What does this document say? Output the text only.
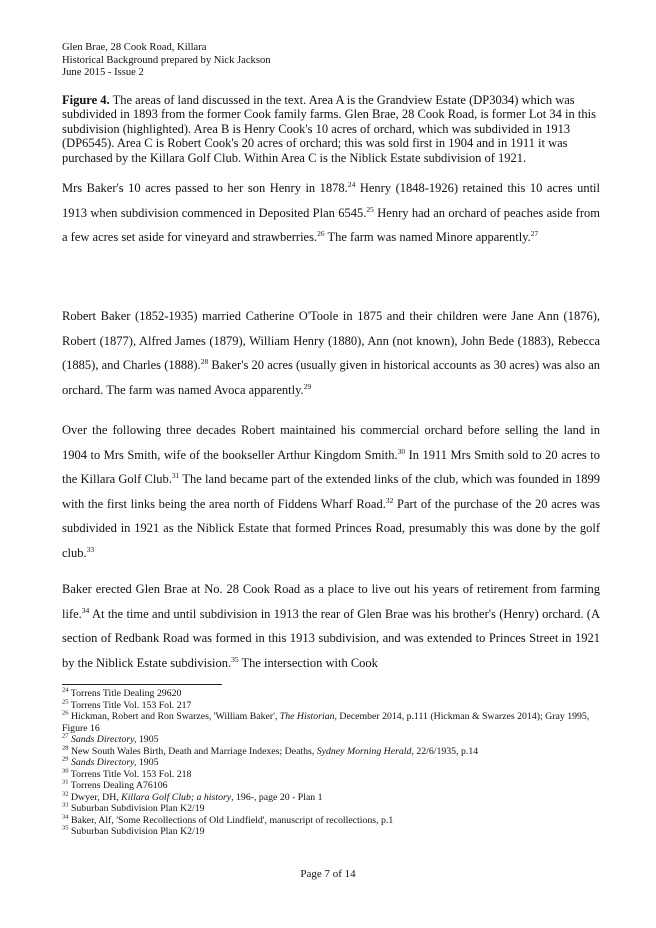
Glen Brae, 28 Cook Road, Killara
Historical Background prepared by Nick Jackson
June 2015 - Issue 2
Figure 4. The areas of land discussed in the text. Area A is the Grandview Estate (DP3034) which was subdivided in 1893 from the former Cook family farms. Glen Brae, 28 Cook Road, is former Lot 34 in this subdivision (highlighted). Area B is Henry Cook's 10 acres of orchard, which was subdivided in 1913 (DP6545). Area C is Robert Cook's 20 acres of orchard; this was sold first in 1904 and in 1911 it was purchased by the Killara Golf Club. Within Area C is the Niblick Estate subdivision of 1921.
Mrs Baker's 10 acres passed to her son Henry in 1878.24 Henry (1848-1926) retained this 10 acres until 1913 when subdivision commenced in Deposited Plan 6545.25 Henry had an orchard of peaches aside from a few acres set aside for vineyard and strawberries.$^{26}$ The farm was named Minore apparently.$^{27}$
Robert Baker (1852-1935) married Catherine O'Toole in 1875 and their children were Jane Ann (1876), Robert (1877), Alfred James (1879), William Henry (1880), Ann (not known), John Bede (1883), Rebecca (1885), and Charles (1888).$^{28}$ Baker's 20 acres (usually given in historical accounts as 30 acres) was also an orchard. The farm was named Avoca apparently.$^{29}$
Over the following three decades Robert maintained his commercial orchard before selling the land in 1904 to Mrs Smith, wife of the bookseller Arthur Kingdom Smith.$^{30}$ In 1911 Mrs Smith sold to 20 acres to the Killara Golf Club.$^{31}$ The land became part of the extended links of the club, which was founded in 1899 with the first links being the area north of Fiddens Wharf Road.$^{32}$ Part of the purchase of the 20 acres was subdivided in 1921 as the Niblick Estate that formed Princes Road, presumably this was done by the golf club.$^{33}$
Baker erected Glen Brae at No. 28 Cook Road as a place to live out his years of retirement from farming life.$^{34}$ At the time and until subdivision in 1913 the rear of Glen Brae was his brother's (Henry) orchard. (A section of Redbank Road was formed in this 1913 subdivision, and was extended to Princes Street in 1921 by the Niblick Estate subdivision.$^{35}$ The intersection with Cook
$^{24}$ Torrens Title Dealing 29620
$^{25}$ Torrens Title Vol. 153 Fol. 217
$^{26}$ Hickman, Robert and Ron Swarzes, 'William Baker', The Historian, December 2014, p.111 (Hickman & Swarzes 2014); Gray 1995, Figure 16
$^{27}$ Sands Directory, 1905
$^{28}$ New South Wales Birth, Death and Marriage Indexes; Deaths, Sydney Morning Herald, 22/6/1935, p.14
$^{29}$ Sands Directory, 1905
$^{30}$ Torrens Title Vol. 153 Fol. 218
$^{31}$ Torrens Dealing A76106
$^{32}$ Dwyer, DH, Killara Golf Club; a history, 196-, page 20 - Plan 1
$^{33}$ Suburban Subdivision Plan K2/19
$^{34}$ Baker, Alf, 'Some Recollections of Old Lindfield', manuscript of recollections, p.1
$^{35}$ Suburban Subdivision Plan K2/19
Page 7 of 14
